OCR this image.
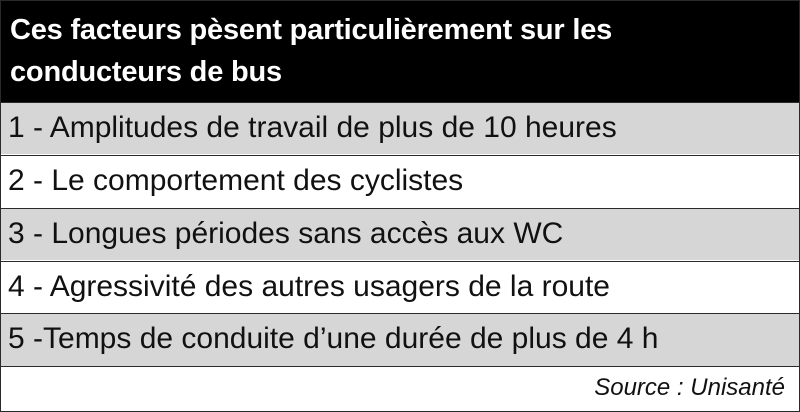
Ces facteurs pèsent particulièrement sur les
conducteurs de bus
1 - Amplitudes de travail de plus de 10 heures
2 - Le comportement des cyclistes
3 - Longues périodes sans accès aux WC
4 - Agressivité des autres usagers de la route
5 -Temps de conduite d’une durée de plus de 4 h
Source : Unisanté
